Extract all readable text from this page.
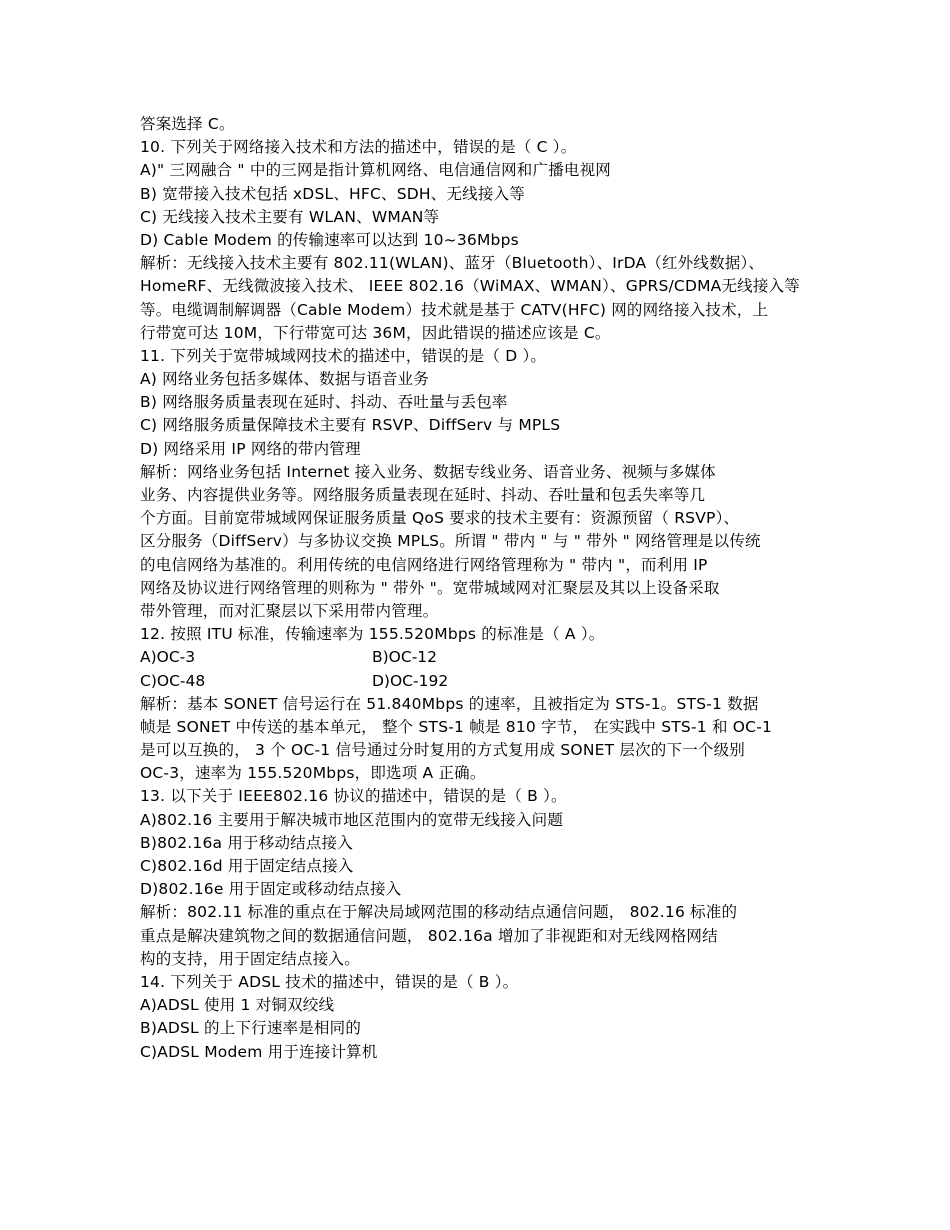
答案选择 C。
10. 下列关于网络接入技术和方法的描述中，错误的是（ C ）。
A)" 三网融合 " 中的三网是指计算机网络、电信通信网和广播电视网
B) 宽带接入技术包括 xDSL、HFC、SDH、无线接入等
C) 无线接入技术主要有 WLAN、WMAN等
D) Cable Modem 的传输速率可以达到 10~36Mbps
解析：无线接入技术主要有 802.11(WLAN)、蓝牙（Bluetooth）、IrDA（红外线数据）、
HomeRF、无线微波接入技术、 IEEE 802.16（WiMAX、WMAN）、GPRS/CDMA无线接入等
等。电缆调制解调器（Cable Modem）技术就是基于 CATV(HFC) 网的网络接入技术，上
行带宽可达 10M，下行带宽可达 36M，因此错误的描述应该是 C。
11. 下列关于宽带城域网技术的描述中，错误的是（ D ）。
A) 网络业务包括多媒体、数据与语音业务
B) 网络服务质量表现在延时、抖动、吞吐量与丢包率
C) 网络服务质量保障技术主要有 RSVP、DiffServ 与 MPLS
D) 网络采用 IP 网络的带内管理
解析：网络业务包括 Internet 接入业务、数据专线业务、语音业务、视频与多媒体
业务、内容提供业务等。网络服务质量表现在延时、抖动、吞吐量和包丢失率等几
个方面。目前宽带城域网保证服务质量 QoS 要求的技术主要有：资源预留（ RSVP）、
区分服务（DiffServ）与多协议交换 MPLS。所谓 " 带内 " 与 " 带外 " 网络管理是以传统
的电信网络为基准的。利用传统的电信网络进行网络管理称为 " 带内 "，而利用 IP
网络及协议进行网络管理的则称为 " 带外 "。宽带城域网对汇聚层及其以上设备采取
带外管理，而对汇聚层以下采用带内管理。
12. 按照 ITU 标准，传输速率为 155.520Mbps 的标准是（ A ）。
A)OC-3	B)OC-12
C)OC-48	D)OC-192
解析：基本 SONET 信号运行在 51.840Mbps 的速率，且被指定为 STS-1。STS-1 数据
帧是 SONET 中传送的基本单元， 整个 STS-1 帧是 810 字节， 在实践中 STS-1 和 OC-1
是可以互换的， 3 个 OC-1 信号通过分时复用的方式复用成 SONET 层次的下一个级别
OC-3，速率为 155.520Mbps，即选项 A 正确。
13. 以下关于 IEEE802.16 协议的描述中，错误的是（ B ）。
A)802.16 主要用于解决城市地区范围内的宽带无线接入问题
B)802.16a 用于移动结点接入
C)802.16d 用于固定结点接入
D)802.16e 用于固定或移动结点接入
解析：802.11 标准的重点在于解决局域网范围的移动结点通信问题， 802.16 标准的
重点是解决建筑物之间的数据通信问题， 802.16a 增加了非视距和对无线网格网结
构的支持，用于固定结点接入。
14. 下列关于 ADSL 技术的描述中，错误的是（ B ）。
A)ADSL 使用 1 对铜双绞线
B)ADSL 的上下行速率是相同的
C)ADSL Modem 用于连接计算机
